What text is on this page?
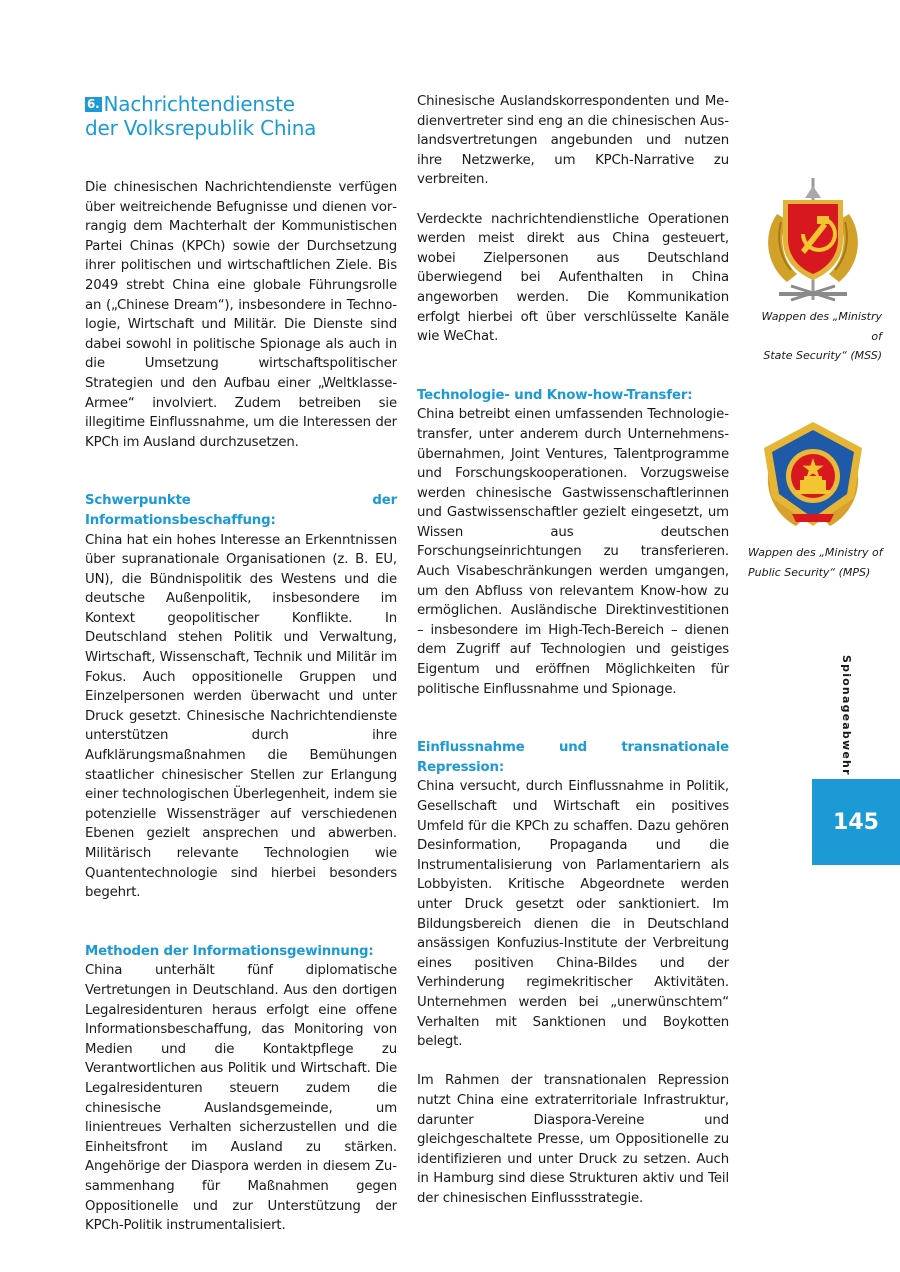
6. Nachrichtendienste
der Volksrepublik China

Die chinesischen Nachrichtendienste verfügen über weitreichende Befugnisse und dienen vorrangig dem Machterhalt der Kommunistischen Partei Chinas (KPCh) sowie der Durchsetzung ihrer politischen und wirtschaftlichen Ziele. Bis 2049 strebt China eine globale Führungsrolle an („Chinese Dream“), insbesondere in Technologie, Wirtschaft und Militär. Die Dienste sind dabei sowohl in politische Spionage als auch in die Umsetzung wirtschaftspolitischer Strategien und den Aufbau einer „Weltklasse-Armee“ involviert. Zudem betreiben sie illegitime Einflussnahme, um die Interessen der KPCh im Ausland durchzusetzen.

Schwerpunkte der Informationsbeschaffung:

China hat ein hohes Interesse an Erkenntnissen über supranationale Organisationen (z. B. EU, UN), die Bündnispolitik des Westens und die deutsche Außenpolitik, insbesondere im Kontext geopolitischer Konflikte. In Deutschland stehen Politik und Verwaltung, Wirtschaft, Wissenschaft, Technik und Militär im Fokus. Auch oppositionelle Gruppen und Einzelpersonen werden überwacht und unter Druck gesetzt. Chinesische Nachrichtendienste unterstützen durch ihre Aufklärungsmaßnahmen die Bemühungen staatlicher chinesischer Stellen zur Erlangung einer technologischen Überlegenheit, indem sie potenzielle Wissensträger auf verschiedenen Ebenen gezielt ansprechen und abwerben. Militärisch relevante Technologien wie Quantentechnologie sind hierbei besonders begehrt.

Methoden der Informationsgewinnung:

China unterhält fünf diplomatische Vertretungen in Deutschland. Aus den dortigen Legalresidenturen heraus erfolgt eine offene Informationsbeschaffung, das Monitoring von Medien und die Kontaktpflege zu Verantwortlichen aus Politik und Wirtschaft. Die Legalresidenturen steuern zudem die chinesische Auslandsgemeinde, um linientreues Verhalten sicherzustellen und die Einheitsfront im Ausland zu stärken. Angehörige der Diaspora werden in diesem Zusammenhang für Maßnahmen gegen Oppositionelle und zur Unterstützung der KPCh-Politik instrumentalisiert.

Chinesische Auslandskorrespondenten und Medienvertreter sind eng an die chinesischen Auslandsvertretungen angebunden und nutzen ihre Netzwerke, um KPCh-Narrative zu verbreiten.

Verdeckte nachrichtendienstliche Operationen werden meist direkt aus China gesteuert, wobei Zielpersonen aus Deutschland überwiegend bei Aufenthalten in China angeworben werden. Die Kommunikation erfolgt hierbei oft über verschlüsselte Kanäle wie WeChat.

Technologie- und Know-how-Transfer:

China betreibt einen umfassenden Technologietransfer, unter anderem durch Unternehmensübernahmen, Joint Ventures, Talentprogramme und Forschungskooperationen. Vorzugsweise werden chinesische Gastwissenschaftlerinnen und Gastwissenschaftler gezielt eingesetzt, um Wissen aus deutschen Forschungseinrichtungen zu transferieren. Auch Visabeschränkungen werden umgangen, um den Abfluss von relevantem Know-how zu ermöglichen. Ausländische Direktinvestitionen – insbesondere im High-Tech-Bereich – dienen dem Zugriff auf Technologien und geistiges Eigentum und eröffnen Möglichkeiten für politische Einflussnahme und Spionage.

Einflussnahme und transnationale Repression:

China versucht, durch Einflussnahme in Politik, Gesellschaft und Wirtschaft ein positives Umfeld für die KPCh zu schaffen. Dazu gehören Desinformation, Propaganda und die Instrumentalisierung von Parlamentariern als Lobbyisten. Kritische Abgeordnete werden unter Druck gesetzt oder sanktioniert. Im Bildungsbereich dienen die in Deutschland ansässigen Konfuzius-Institute der Verbreitung eines positiven China-Bildes und der Verhinderung regimekritischer Aktivitäten. Unternehmen werden bei „unerwünschtem“ Verhalten mit Sanktionen und Boykotten belegt.

Im Rahmen der transnationalen Repression nutzt China eine extraterritoriale Infrastruktur, darunter Diaspora-Vereine und gleichgeschaltete Presse, um Oppositionelle zu identifizieren und unter Druck zu setzen. Auch in Hamburg sind diese Strukturen aktiv und Teil der chinesischen Einflussstrategie.

Wappen des „Ministry of
State Security“ (MSS)
Wappen des „Ministry of
Public Security“ (MPS)
Spionageabwehr
145
